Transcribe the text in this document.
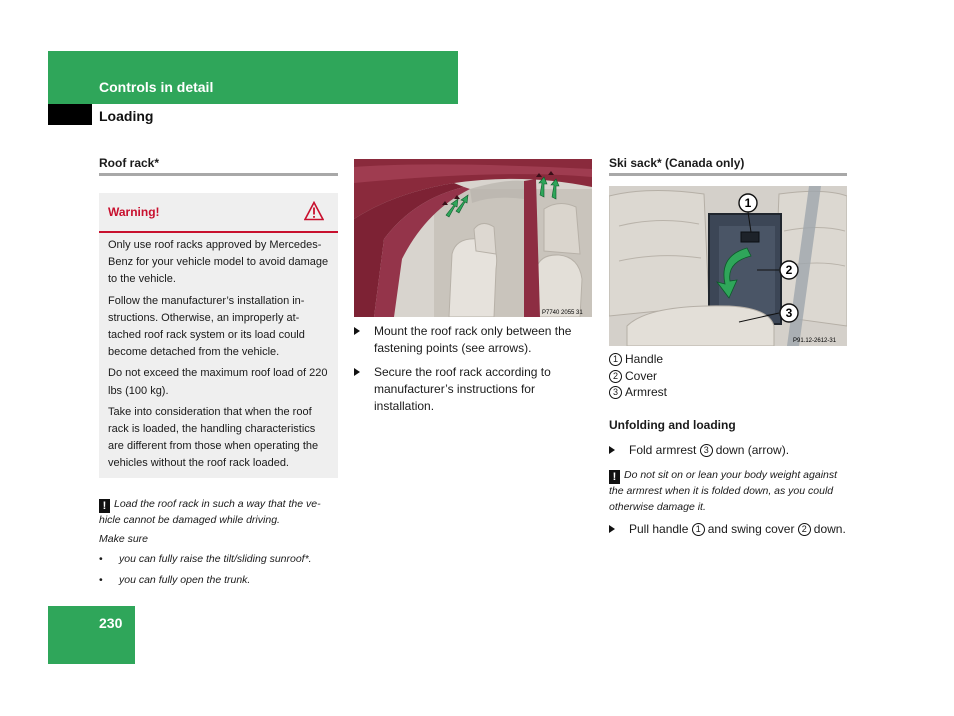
Controls in detail
Loading
Roof rack*
Warning!

Only use roof racks approved by Mercedes-Benz for your vehicle model to avoid damage to the vehicle.

Follow the manufacturer’s installation in-structions. Otherwise, an improperly at-tached roof rack system or its load could become detached from the vehicle.

Do not exceed the maximum roof load of 220 lbs (100 kg).

Take into consideration that when the roof rack is loaded, the handling characteristics are different from those when operating the vehicles without the roof rack loaded.

! Load the roof rack in such a way that the ve-hicle cannot be damaged while driving.
Make sure
• you can fully raise the tilt/sliding sunroof*.
• you can fully open the trunk.
P7740 2055 31
Mount the roof rack only between the fastening points (see arrows).
Secure the roof rack according to manufacturer’s instructions for installation.
Ski sack* (Canada only)
1
2
3
P91.12-2612-31
1 Handle
2 Cover
3 Armrest
Unfolding and loading
Fold armrest 3 down (arrow).
! Do not sit on or lean your body weight against the armrest when it is folded down, as you could otherwise damage it.
Pull handle 1 and swing cover 2 down.
230
